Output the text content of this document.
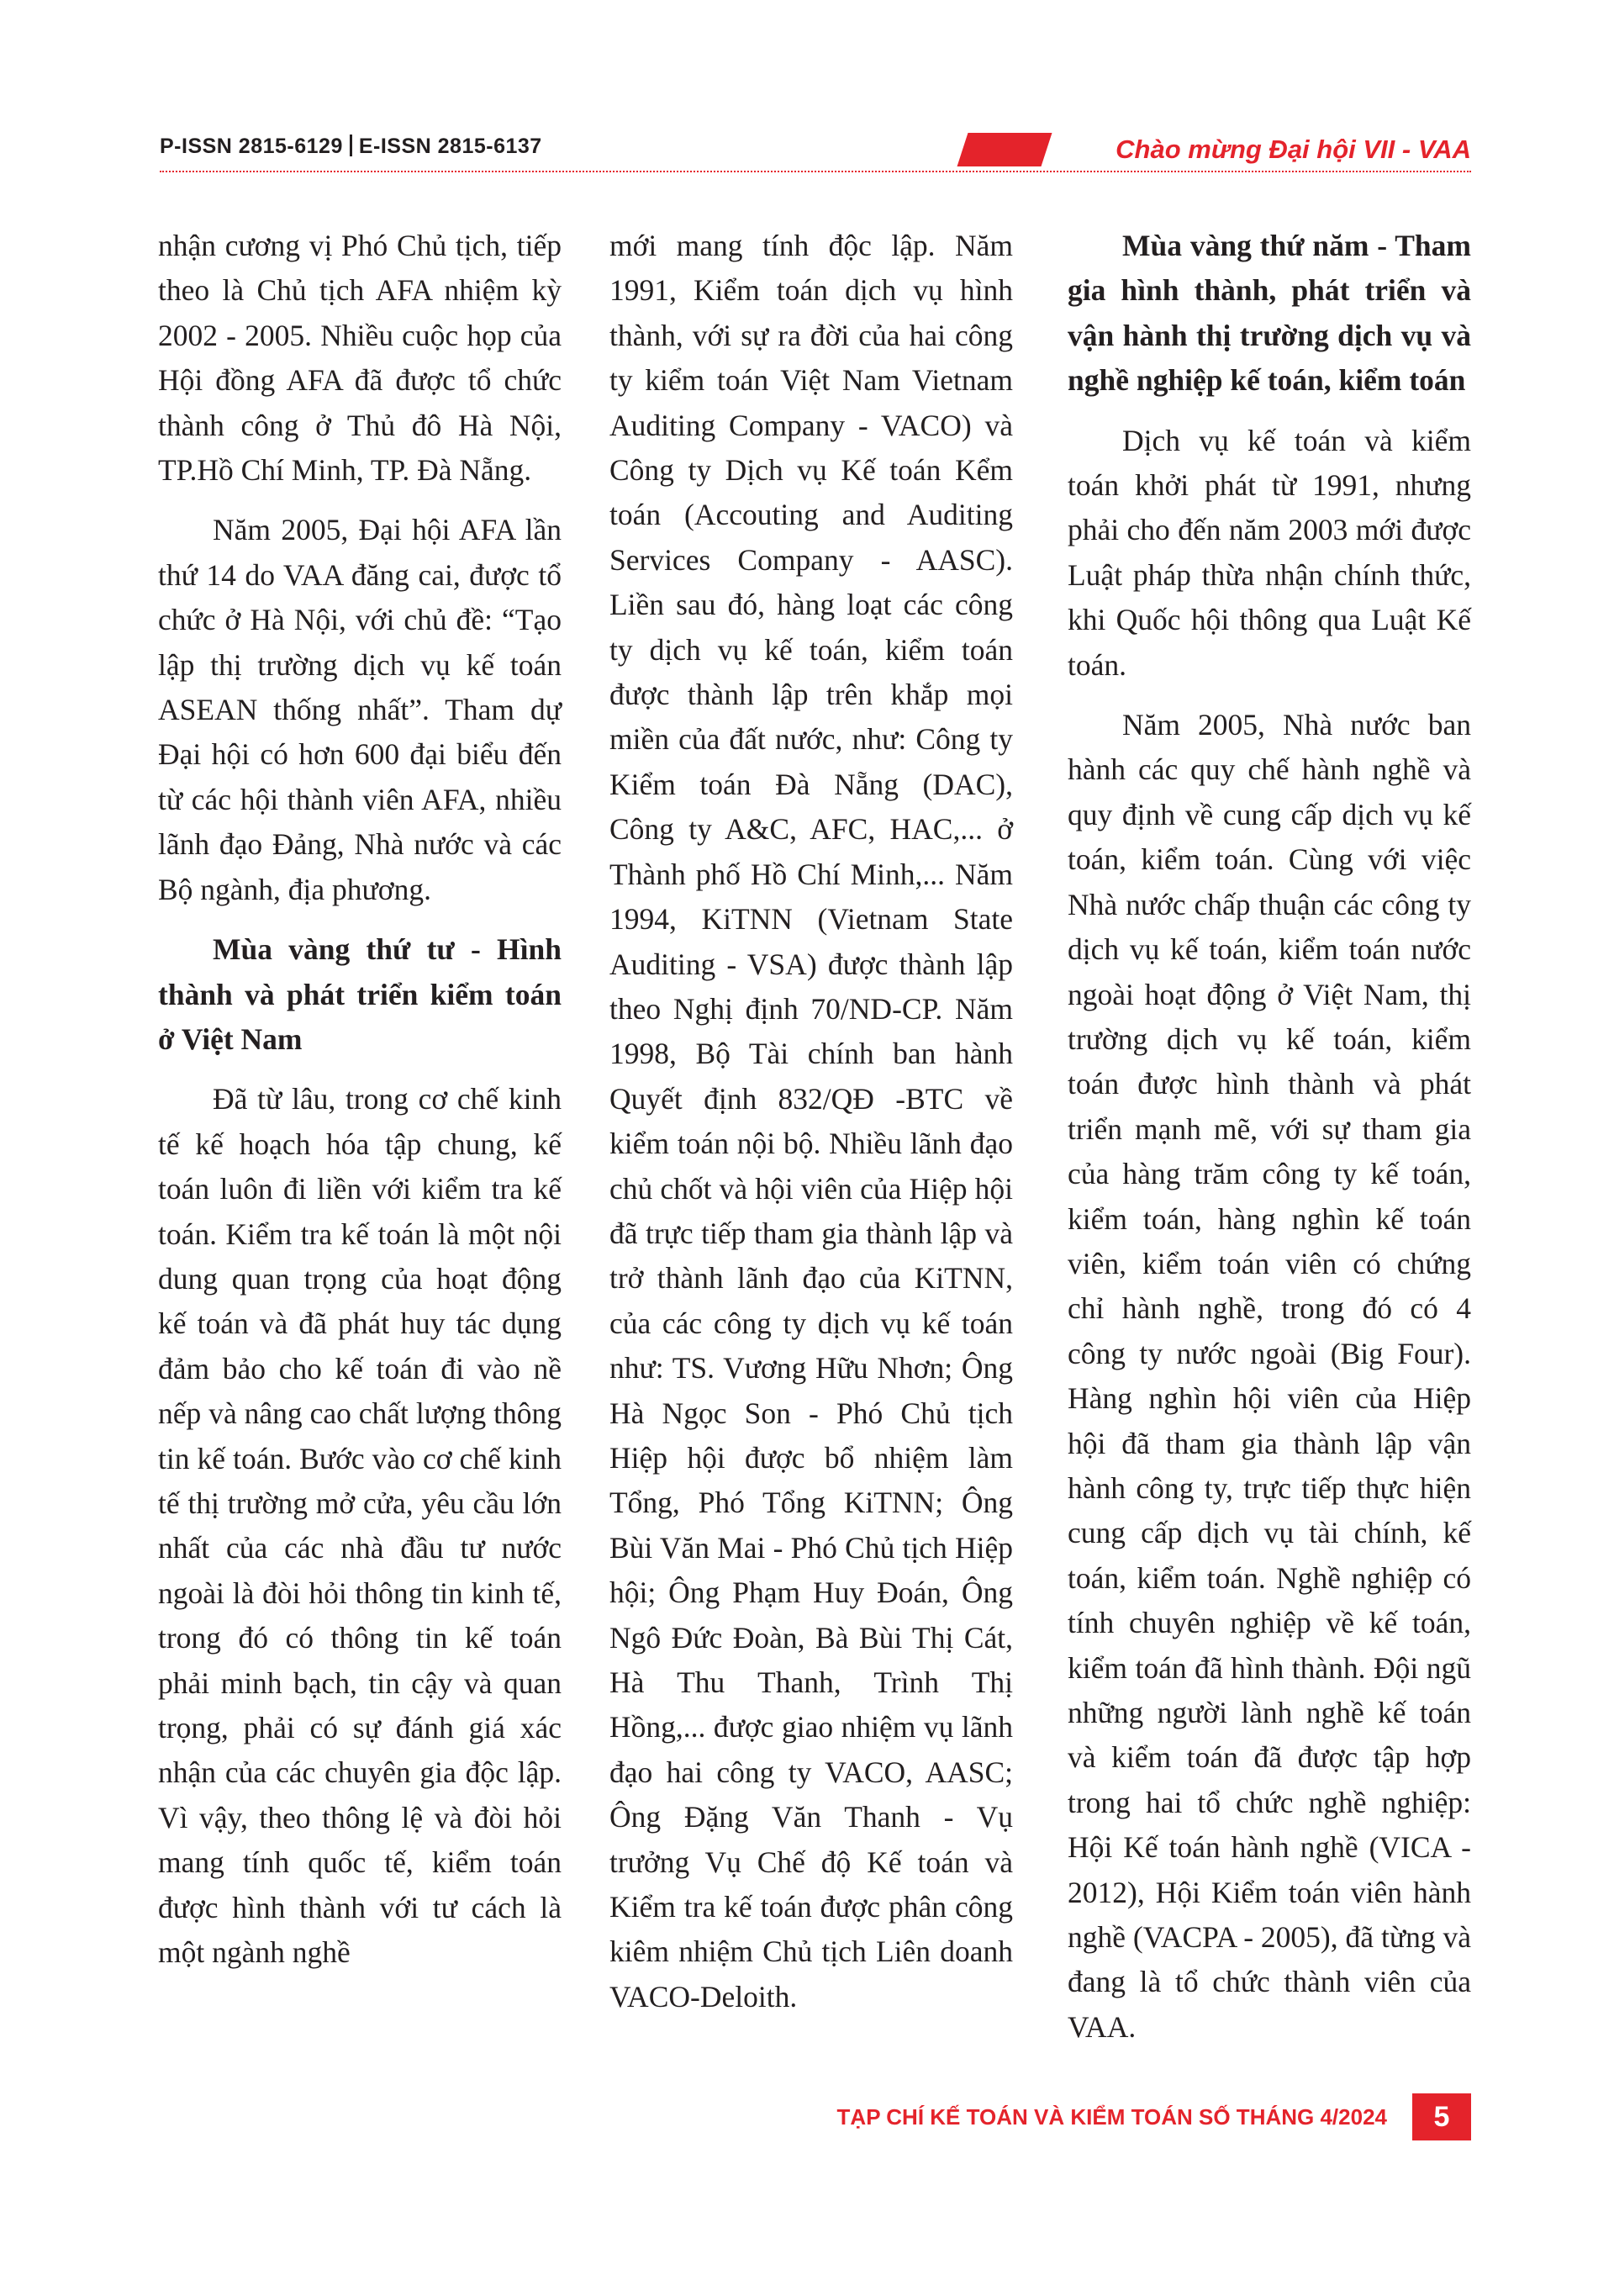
P-ISSN 2815-6129 E-ISSN 2815-6137	Chào mừng Đại hội VII - VAA

nhận cương vị Phó Chủ tịch, tiếp theo là Chủ tịch AFA nhiệm kỳ 2002 - 2005. Nhiều cuộc họp của Hội đồng AFA đã được tổ chức thành công ở Thủ đô Hà Nội, TP.Hồ Chí Minh, TP. Đà Nẵng.

Năm 2005, Đại hội AFA lần thứ 14 do VAA đăng cai, được tổ chức ở Hà Nội, với chủ đề: “Tạo lập thị trường dịch vụ kế toán ASEAN thống nhất”. Tham dự Đại hội có hơn 600 đại biểu đến từ các hội thành viên AFA, nhiều lãnh đạo Đảng, Nhà nước và các Bộ ngành, địa phương.

Mùa vàng thứ tư - Hình thành và phát triển kiểm toán ở Việt Nam

Đã từ lâu, trong cơ chế kinh tế kế hoạch hóa tập chung, kế toán luôn đi liền với kiểm tra kế toán. Kiểm tra kế toán là một nội dung quan trọng của hoạt động kế toán và đã phát huy tác dụng đảm bảo cho kế toán đi vào nề nếp và nâng cao chất lượng thông tin kế toán. Bước vào cơ chế kinh tế thị trường mở cửa, yêu cầu lớn nhất của các nhà đầu tư nước ngoài là đòi hỏi thông tin kinh tế, trong đó có thông tin kế toán phải minh bạch, tin cậy và quan trọng, phải có sự đánh giá xác nhận của các chuyên gia độc lập. Vì vậy, theo thông lệ và đòi hỏi mang tính quốc tế, kiểm toán được hình thành với tư cách là một ngành nghề

mới mang tính độc lập. Năm 1991, Kiểm toán dịch vụ hình thành, với sự ra đời của hai công ty kiểm toán Việt Nam Vietnam Auditing Company - VACO) và Công ty Dịch vụ Kế toán Kểm toán (Accouting and Auditing Services Company - AASC). Liền sau đó, hàng loạt các công ty dịch vụ kế toán, kiểm toán được thành lập trên khắp mọi miền của đất nước, như: Công ty Kiểm toán Đà Nẵng (DAC), Công ty A&C, AFC, HAC,... ở Thành phố Hồ Chí Minh,... Năm 1994, KiTNN (Vietnam State Auditing - VSA) được thành lập theo Nghị định 70/ND-CP. Năm 1998, Bộ Tài chính ban hành Quyết định 832/QĐ -BTC về kiểm toán nội bộ. Nhiều lãnh đạo chủ chốt và hội viên của Hiệp hội đã trực tiếp tham gia thành lập và trở thành lãnh đạo của KiTNN, của các công ty dịch vụ kế toán như: TS. Vương Hữu Nhơn; Ông Hà Ngọc Son - Phó Chủ tịch Hiệp hội được bổ nhiệm làm Tổng, Phó Tổng KiTNN; Ông Bùi Văn Mai - Phó Chủ tịch Hiệp hội; Ông Phạm Huy Đoán, Ông Ngô Đức Đoàn, Bà Bùi Thị Cát, Hà Thu Thanh, Trình Thị Hồng,... được giao nhiệm vụ lãnh đạo hai công ty VACO, AASC; Ông Đặng Văn Thanh - Vụ trưởng Vụ Chế độ Kế toán và Kiểm tra kế toán được phân công kiêm nhiệm Chủ tịch Liên doanh VACO-Deloith.

Mùa vàng thứ năm - Tham gia hình thành, phát triển và vận hành thị trường dịch vụ và nghề nghiệp kế toán, kiểm toán

Dịch vụ kế toán và kiểm toán khởi phát từ 1991, nhưng phải cho đến năm 2003 mới được Luật pháp thừa nhận chính thức, khi Quốc hội thông qua Luật Kế toán.

Năm 2005, Nhà nước ban hành các quy chế hành nghề và quy định về cung cấp dịch vụ kế toán, kiểm toán. Cùng với việc Nhà nước chấp thuận các công ty dịch vụ kế toán, kiểm toán nước ngoài hoạt động ở Việt Nam, thị trường dịch vụ kế toán, kiểm toán được hình thành và phát triển mạnh mẽ, với sự tham gia của hàng trăm công ty kế toán, kiểm toán, hàng nghìn kế toán viên, kiểm toán viên có chứng chỉ hành nghề, trong đó có 4 công ty nước ngoài (Big Four). Hàng nghìn hội viên của Hiệp hội đã tham gia thành lập vận hành công ty, trực tiếp thực hiện cung cấp dịch vụ tài chính, kế toán, kiểm toán. Nghề nghiệp có tính chuyên nghiệp về kế toán, kiểm toán đã hình thành. Đội ngũ những người lành nghề kế toán và kiểm toán đã được tập hợp trong hai tổ chức nghề nghiệp: Hội Kế toán hành nghề (VICA - 2012), Hội Kiểm toán viên hành nghề (VACPA - 2005), đã từng và đang là tổ chức thành viên của VAA.

TẠP CHÍ KẾ TOÁN VÀ KIỂM TOÁN SỐ THÁNG 4/2024	5
